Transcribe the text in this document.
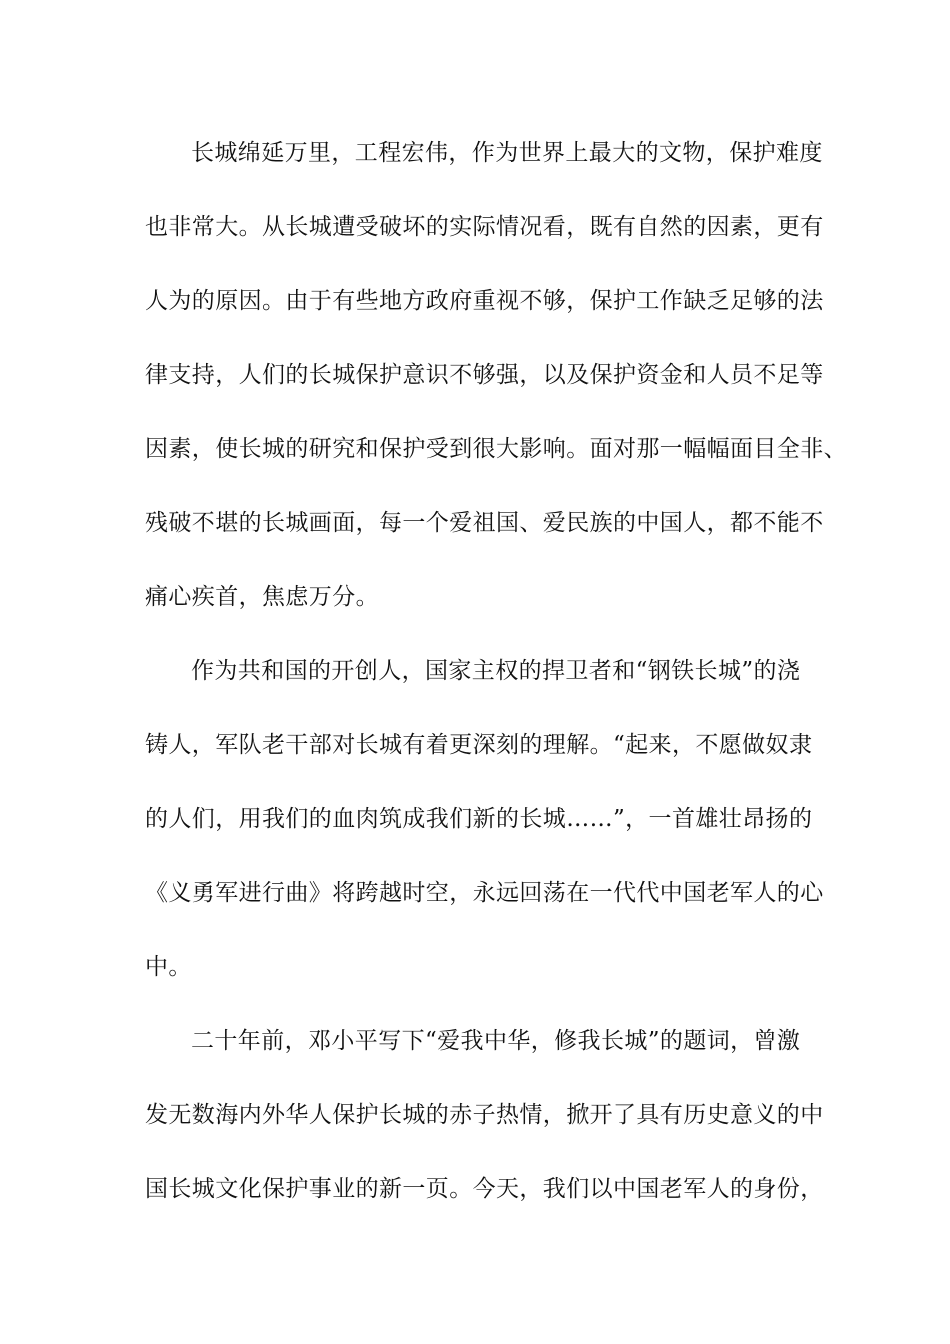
长城绵延万里，工程宏伟，作为世界上最大的文物，保护难度
也非常大。从长城遭受破坏的实际情况看，既有自然的因素，更有
人为的原因。由于有些地方政府重视不够，保护工作缺乏足够的法
律支持，人们的长城保护意识不够强，以及保护资金和人员不足等
因素，使长城的研究和保护受到很大影响。面对那一幅幅面目全非、
残破不堪的长城画面，每一个爱祖国、爱民族的中国人，都不能不
痛心疾首，焦虑万分。
作为共和国的开创人，国家主权的捍卫者和“钢铁长城”的浇
铸人，军队老干部对长城有着更深刻的理解。“起来，不愿做奴隶
的人们，用我们的血肉筑成我们新的长城……”，一首雄壮昂扬的
《义勇军进行曲》将跨越时空，永远回荡在一代代中国老军人的心
中。
二十年前，邓小平写下“爱我中华，修我长城”的题词，曾激
发无数海内外华人保护长城的赤子热情，掀开了具有历史意义的中
国长城文化保护事业的新一页。今天，我们以中国老军人的身份，
